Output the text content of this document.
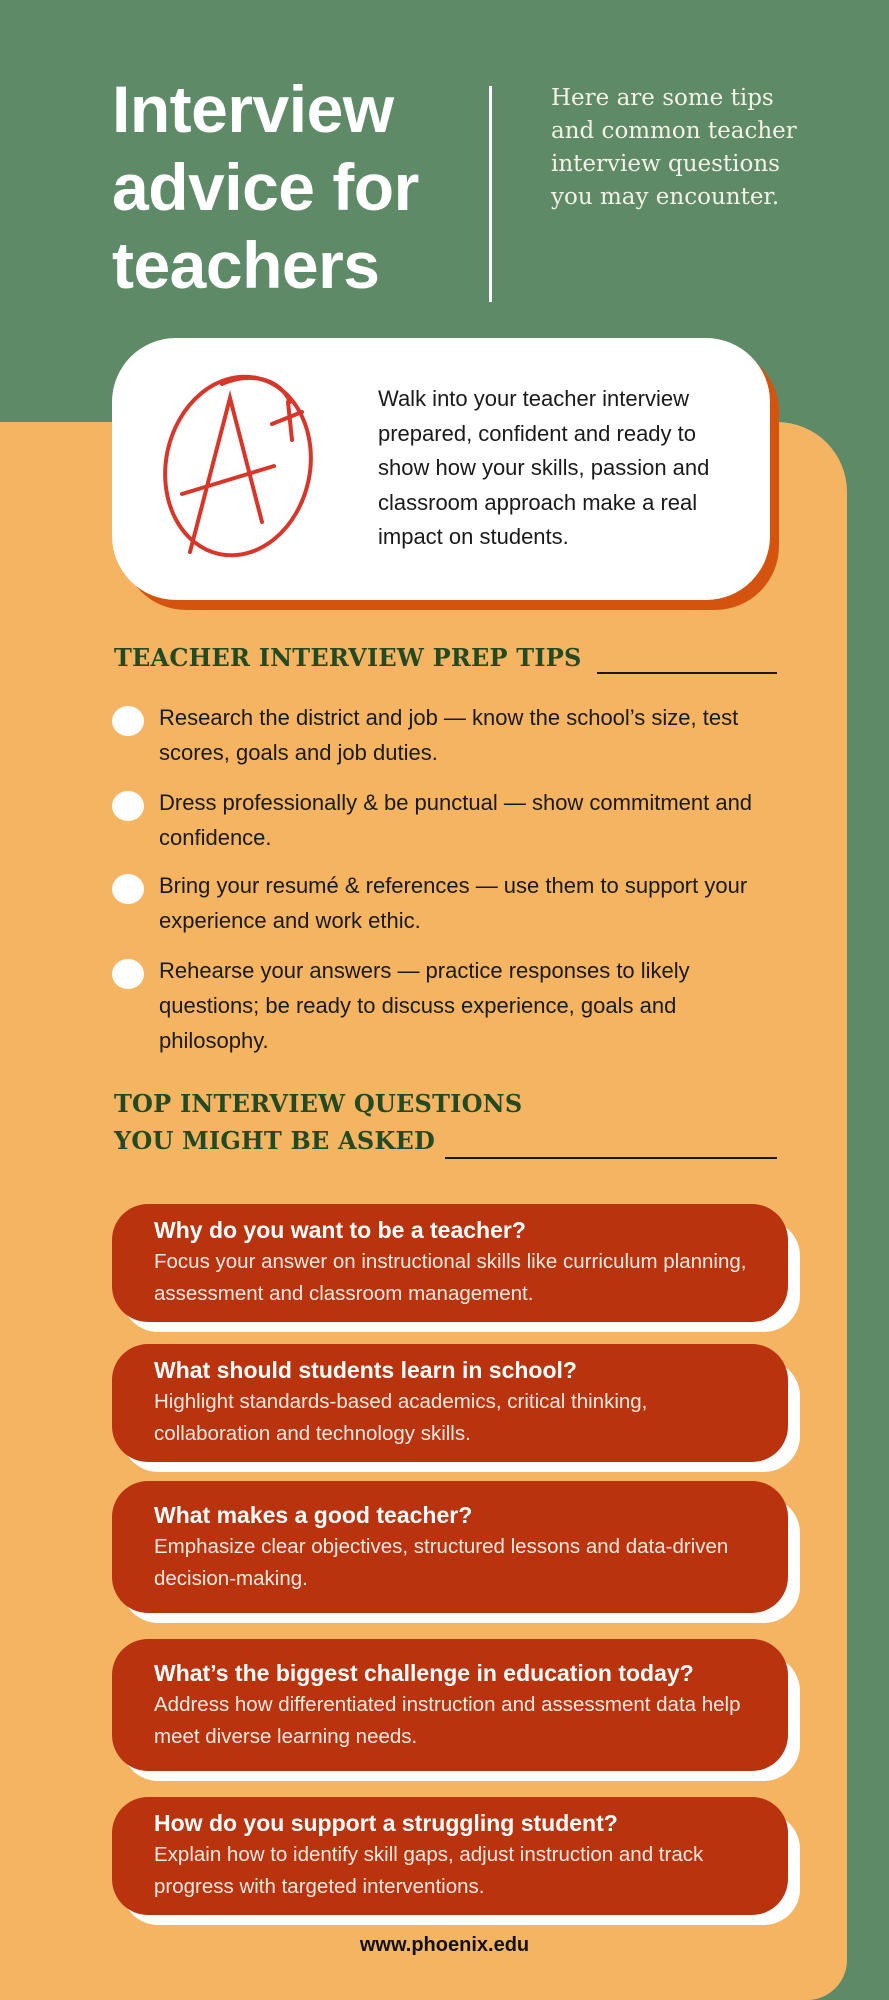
Interview advice for teachers

Here are some tips and common teacher interview questions you may encounter.

Walk into your teacher interview prepared, confident and ready to show how your skills, passion and classroom approach make a real impact on students.

TEACHER INTERVIEW PREP TIPS
Research the district and job — know the school’s size, test scores, goals and job duties.
Dress professionally & be punctual — show commitment and confidence.
Bring your resumé & references — use them to support your experience and work ethic.
Rehearse your answers — practice responses to likely questions; be ready to discuss experience, goals and philosophy.
TOP INTERVIEW QUESTIONS
YOU MIGHT BE ASKED
Why do you want to be a teacher?
Focus your answer on instructional skills like curriculum planning, assessment and classroom management.
What should students learn in school?
Highlight standards-based academics, critical thinking, collaboration and technology skills.
What makes a good teacher?
Emphasize clear objectives, structured lessons and data-driven decision-making.
What’s the biggest challenge in education today?
Address how differentiated instruction and assessment data help meet diverse learning needs.
How do you support a struggling student?
Explain how to identify skill gaps, adjust instruction and track progress with targeted interventions.
www.phoenix.edu
